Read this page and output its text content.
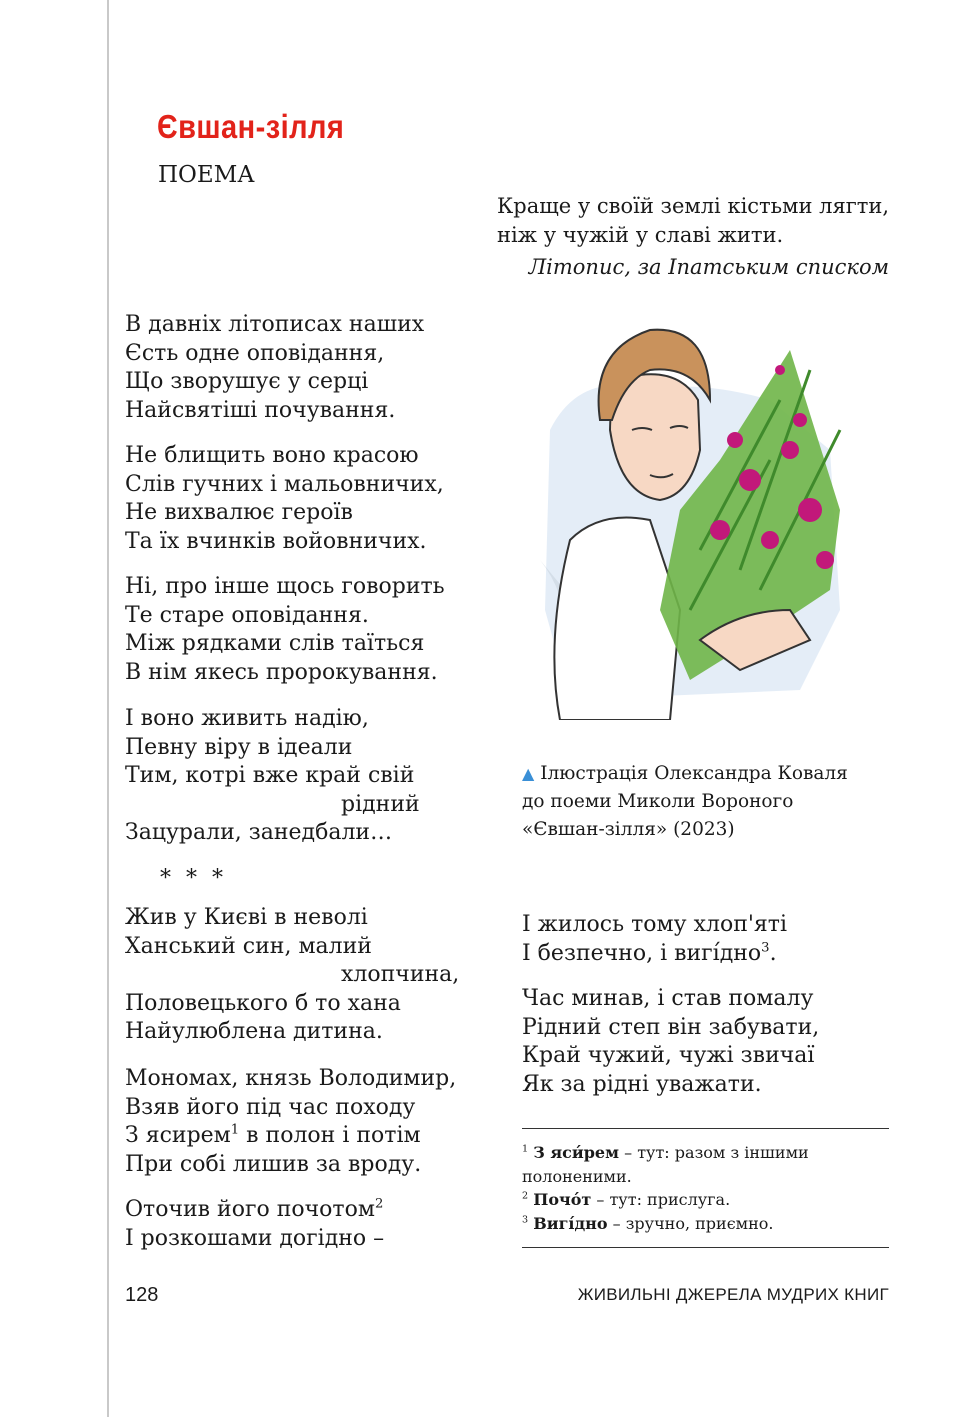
Євшан-зілля
ПОЕМА
Краще у своїй землі кістьми лягти,
ніж у чужій у славі жити.
Літопис, за Іпатським списком
В давніх літописах наших
Єсть одне оповідання,
Що зворушує у серці
Найсвятіші почування.
Не блищить воно красою
Слів гучних і мальовничих,
Не вихвалює героїв
Та їх вчинків войовничих.
Ні, про інше щось говорить
Те старе оповідання.
Між рядками слів таїться
В нім якесь пророкування.
І воно живить надію,
Певну віру в ідеали
Тим, котрі вже край свій
рідний
Зацурали, занедбали…
* * *
Жив у Києві в неволі
Ханський син, малий
хлопчина,
Половецького б то хана
Найулюблена дитина.
Мономах, князь Володимир,
Взяв його під час походу
З ясирем$^1$ в полон і потім
При собі лишив за вроду.
Оточив його почотом$^2$
І розкошами догідно –
▲ Ілюстрація Олександра Коваля
до поеми Миколи Вороного
«Євшан-зілля» (2023)
І жилось тому хлоп'яті
І безпечно, і вигі́дно$^3$.
Час минав, і став помалу
Рідний степ він забувати,
Край чужий, чужі звичаї
Як за рідні уважати.
$^1$ З яси́рем – тут: разом з іншими полоненими.
$^2$ Почо́т – тут: прислуга.
$^3$ Вигі́дно – зручно, приємно.
128	ЖИВИЛЬНІ ДЖЕРЕЛА МУДРИХ КНИГ
